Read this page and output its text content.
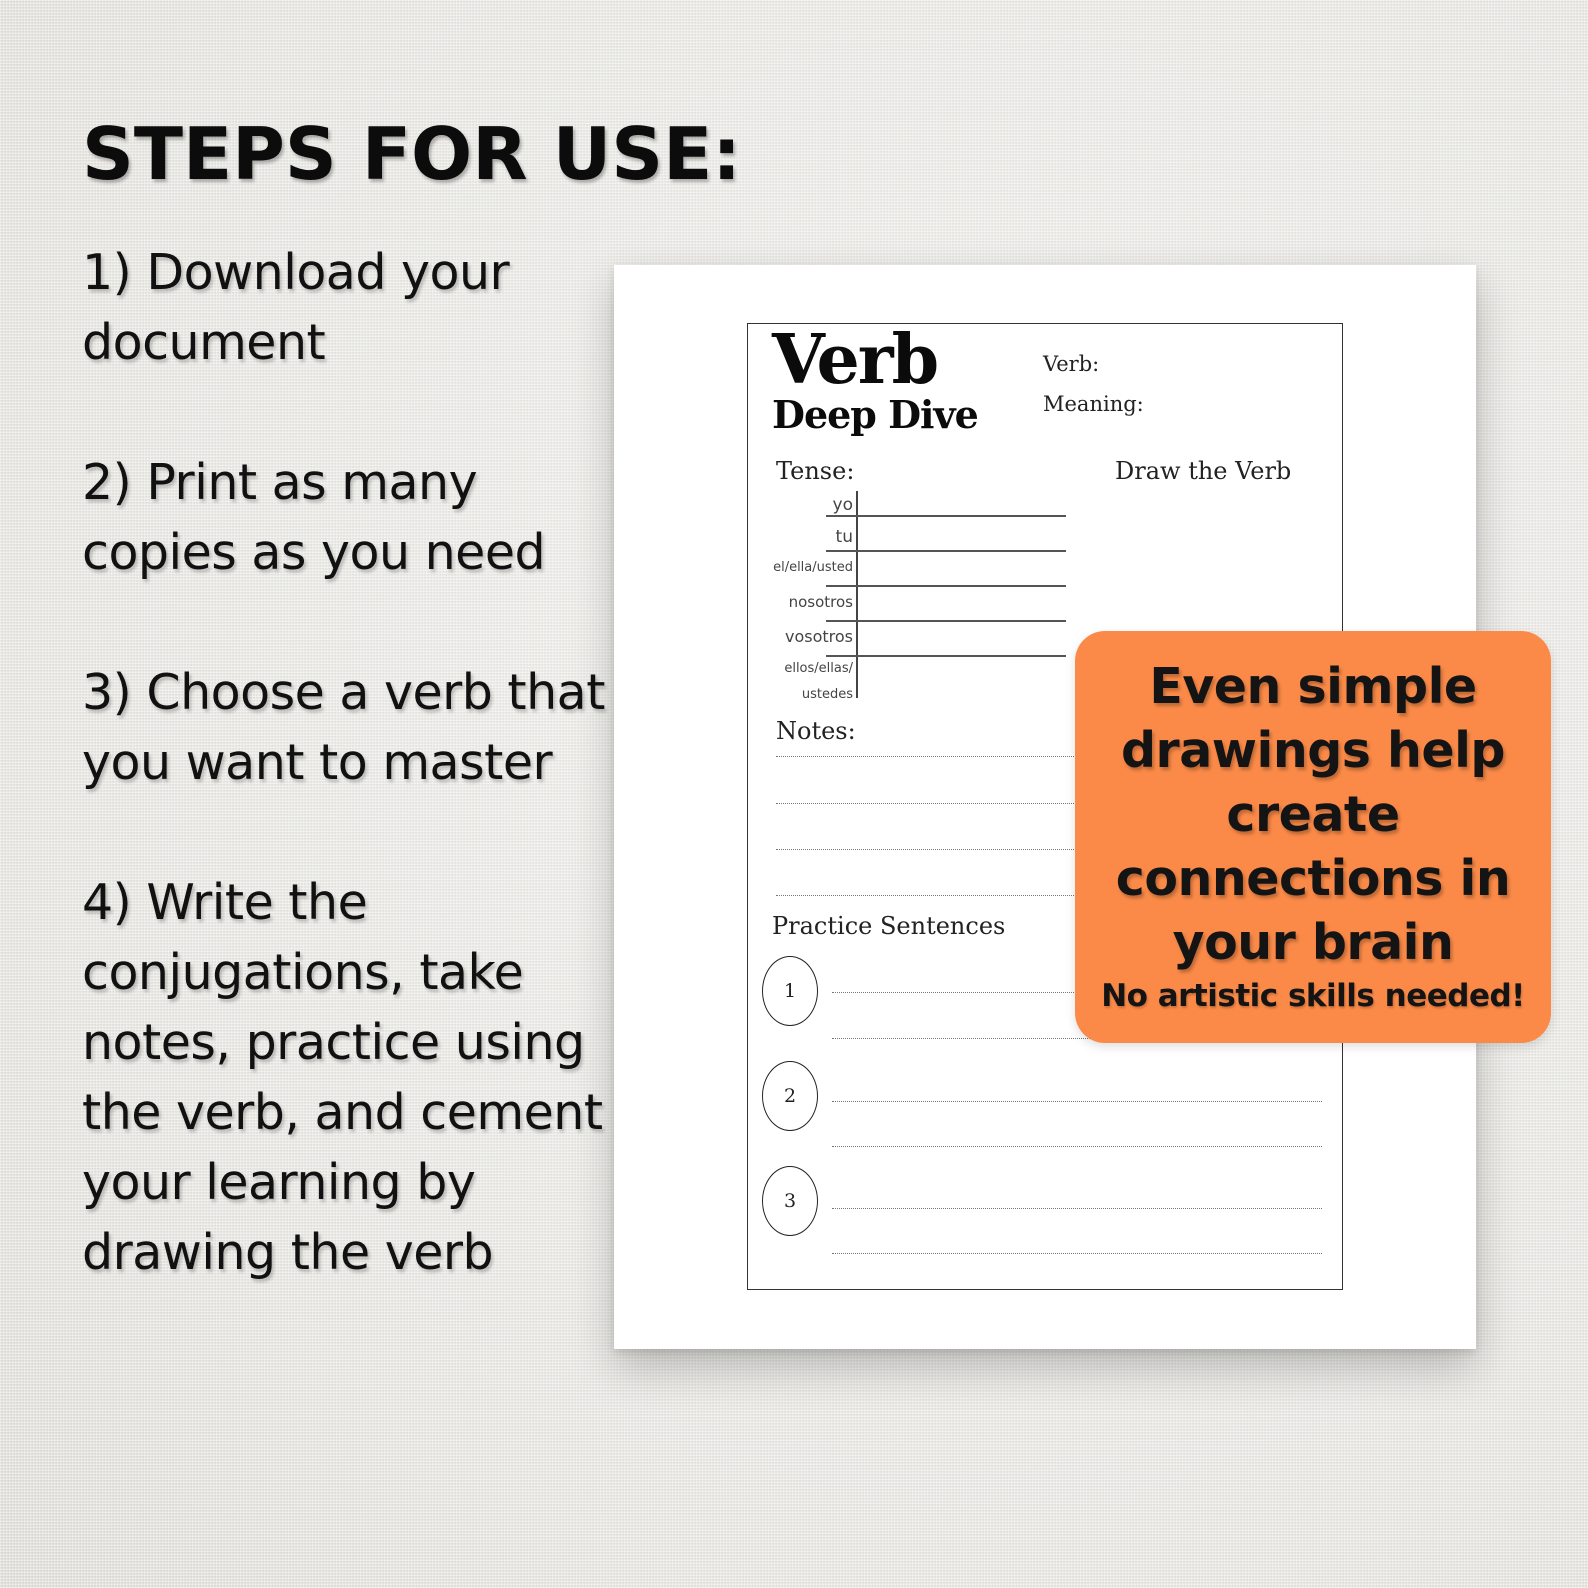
STEPS FOR USE:
1) Download your document
2) Print as many copies as you need
3) Choose a verb that you want to master
4) Write the conjugations, take notes, practice using the verb, and cement your learning by drawing the verb
Verb
Deep Dive
Verb:
Meaning:
Tense:	Draw the Verb
yo
tu
el/ella/usted
nosotros
vosotros
ellos/ellas/
ustedes
Notes:
Practice Sentences
1
2
3

Even simple drawings help create connections in your brain

No artistic skills needed!
